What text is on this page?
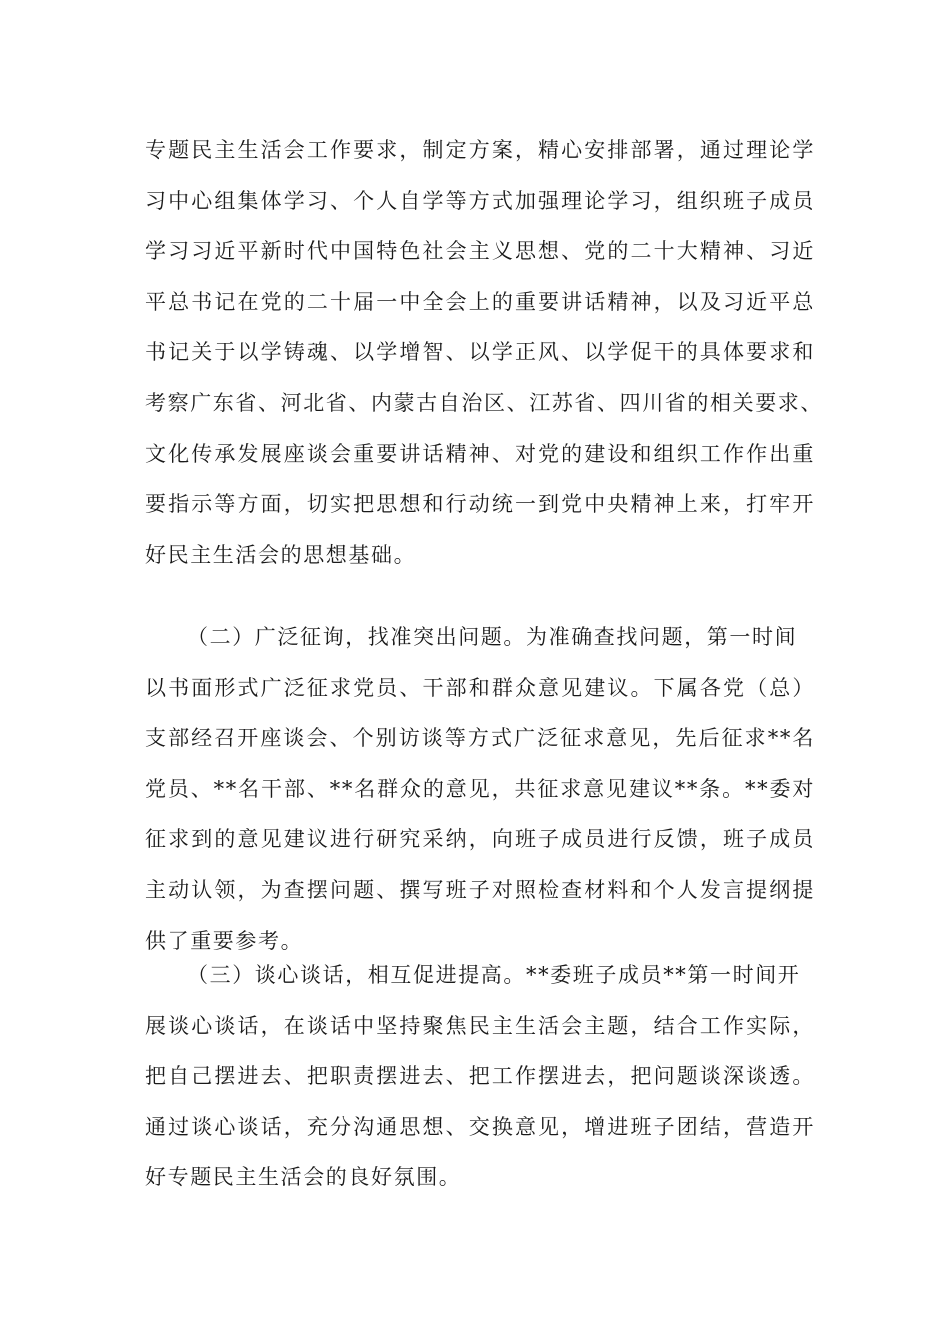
专题民主生活会工作要求，制定方案，精心安排部署，通过理论学
习中心组集体学习、个人自学等方式加强理论学习，组织班子成员
学习习近平新时代中国特色社会主义思想、党的二十大精神、习近
平总书记在党的二十届一中全会上的重要讲话精神，以及习近平总
书记关于以学铸魂、以学增智、以学正风、以学促干的具体要求和
考察广东省、河北省、内蒙古自治区、江苏省、四川省的相关要求、
文化传承发展座谈会重要讲话精神、对党的建设和组织工作作出重
要指示等方面，切实把思想和行动统一到党中央精神上来，打牢开
好民主生活会的思想基础。
（二）广泛征询，找准突出问题。为准确查找问题，第一时间
以书面形式广泛征求党员、干部和群众意见建议。下属各党（总）
支部经召开座谈会、个别访谈等方式广泛征求意见，先后征求**名
党员、**名干部、**名群众的意见，共征求意见建议**条。**委对
征求到的意见建议进行研究采纳，向班子成员进行反馈，班子成员
主动认领，为查摆问题、撰写班子对照检查材料和个人发言提纲提
供了重要参考。
（三）谈心谈话，相互促进提高。**委班子成员**第一时间开
展谈心谈话，在谈话中坚持聚焦民主生活会主题，结合工作实际，
把自己摆进去、把职责摆进去、把工作摆进去，把问题谈深谈透。
通过谈心谈话，充分沟通思想、交换意见，增进班子团结，营造开
好专题民主生活会的良好氛围。
